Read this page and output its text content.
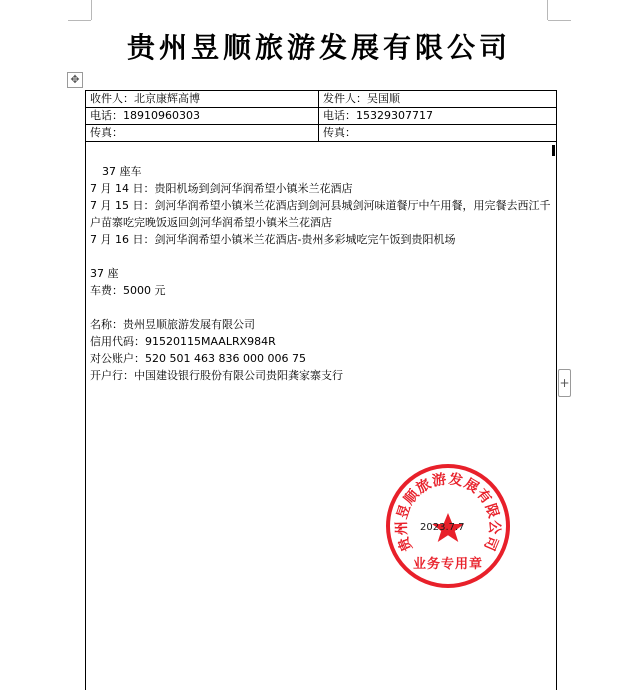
贵州昱顺旅游发展有限公司
✥
收件人：北京康辉高博	发件人：吴国顺
电话：18910960303	电话：15329307717
传真：	传真：
37 座车
7 月 14 日：贵阳机场到剑河华润希望小镇米兰花酒店
7 月 15 日：剑河华润希望小镇米兰花酒店到剑河县城剑河味道餐厅中午用餐，用完餐去西江千户苗寨吃完晚饭返回剑河华润希望小镇米兰花酒店
7 月 16 日：剑河华润希望小镇米兰花酒店-贵州多彩城吃完午饭到贵阳机场
37 座
车费：5000 元
名称：贵州昱顺旅游发展有限公司
信用代码：91520115MAALRX984R
对公账户：520 501 463 836 000 006 75
开户行：中国建设银行股份有限公司贵阳龚家寨支行
+
贵州昱顺旅游发展有限公司
业务专用章
2023.7.7
